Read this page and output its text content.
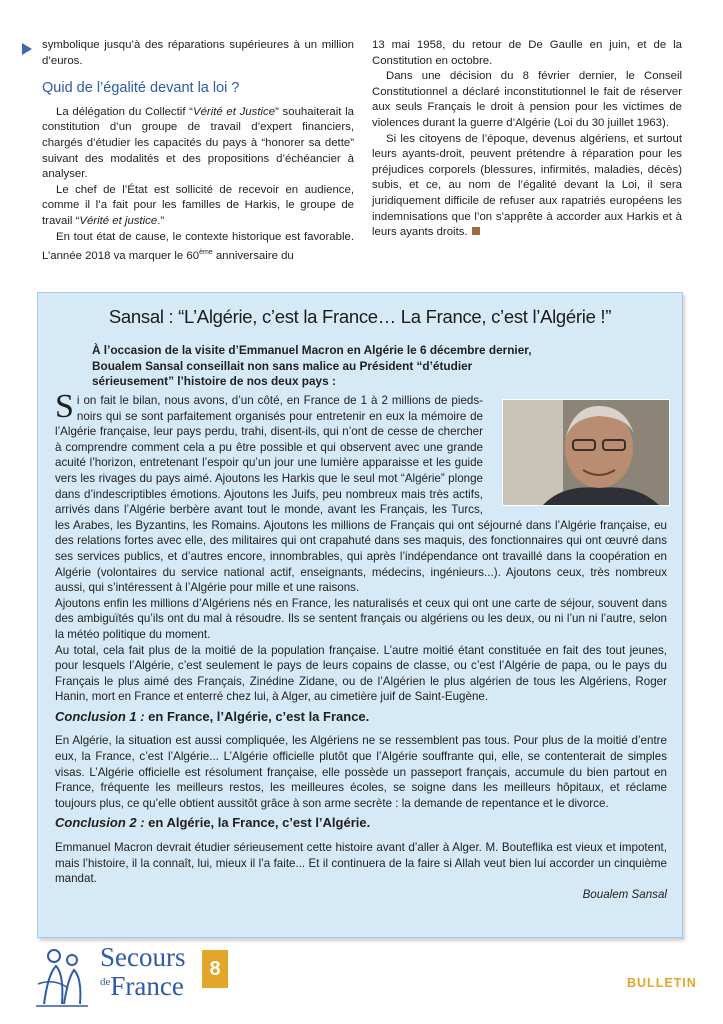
symbolique jusqu’à des réparations supérieures à un million d’euros.

Quid de l’égalité devant la loi ?

La délégation du Collectif “Vérité et Justice” souhaiterait la constitution d’un groupe de travail d’expert financiers, chargés d’étudier les capacités du pays à “honorer sa dette” suivant des modalités et des propositions d’échéancier à analyser.

Le chef de l’État est sollicité de recevoir en audience, comme il l’a fait pour les familles de Harkis, le groupe de travail “Vérité et justice.”

En tout état de cause, le contexte historique est favorable. L’année 2018 va marquer le 60ème anniversaire du

13 mai 1958, du retour de De Gaulle en juin, et de la Constitution en octobre.

Dans une décision du 8 février dernier, le Conseil Constitutionnel a déclaré inconstitutionnel le fait de réserver aux seuls Français le droit à pension pour les victimes de violences durant la guerre d’Algérie (Loi du 30 juillet 1963).

Si les citoyens de l’époque, devenus algériens, et surtout leurs ayants-droit, peuvent prétendre à réparation pour les préjudices corporels (blessures, infirmités, maladies, décès) subis, et ce, au nom de l’égalité devant la Loi, il sera juridiquement difficile de refuser aux rapatriés européens les indemnisations que l’on s’apprête à accorder aux Harkis et à leurs ayants droits.

Sansal : “L’Algérie, c’est la France… La France, c’est l’Algérie !”
À l’occasion de la visite d’Emmanuel Macron en Algérie le 6 décembre dernier, Boualem Sansal conseillait non sans malice au Président “d’étudier sérieusement” l’histoire de nos deux pays :

Si on fait le bilan, nous avons, d’un côté, en France de 1 à 2 millions de pieds-noirs qui se sont parfaitement organisés pour entretenir en eux la mémoire de l’Algérie française, leur pays perdu, trahi, disent-ils, qui n’ont de cesse de chercher à comprendre comment cela a pu être possible et qui observent avec une grande acuité l’horizon, entretenant l’espoir qu’un jour une lumière apparaisse et les guide vers les rivages du pays aimé. Ajoutons les Harkis que le seul mot “Algérie” plonge dans d’indescriptibles émotions. Ajoutons les Juifs, peu nombreux mais très actifs, arrivés dans l’Algérie berbère avant tout le monde, avant les Français, les Turcs, les Arabes, les Byzantins, les Romains. Ajoutons les millions de Français qui ont séjourné dans l’Algérie française, eu des relations fortes avec elle, des militaires qui ont crapahuté dans ses maquis, des fonctionnaires qui ont œuvré dans ses services publics, et d’autres encore, innombrables, qui après l’indépendance ont travaillé dans la coopération en Algérie (volontaires du service national actif, enseignants, médecins, ingénieurs...). Ajoutons ceux, très nombreux aussi, qui s’intéressent à l’Algérie pour mille et une raisons.

Ajoutons enfin les millions d’Algériens nés en France, les naturalisés et ceux qui ont une carte de séjour, souvent dans des ambiguïtés qu’ils ont du mal à résoudre. Ils se sentent français ou algériens ou les deux, ou ni l’un ni l’autre, selon la météo politique du moment.

Au total, cela fait plus de la moitié de la population française. L’autre moitié étant constituée en fait des tout jeunes, pour lesquels l’Algérie, c’est seulement le pays de leurs copains de classe, ou c’est l’Algérie de papa, ou le pays du Français le plus aimé des Français, Zinédine Zidane, ou de l’Algérien le plus algérien de tous les Algériens, Roger Hanin, mort en France et enterré chez lui, à Alger, au cimetière juif de Saint-Eugène.

Conclusion 1 : en France, l’Algérie, c’est la France.

En Algérie, la situation est aussi compliquée, les Algériens ne se ressemblent pas tous. Pour plus de la moitié d’entre eux, la France, c’est l’Algérie... L’Algérie officielle plutôt que l’Algérie souffrante qui, elle, se contenterait de simples visas. L’Algérie officielle est résolument française, elle possède un passeport français, accumule du bien partout en France, fréquente les meilleurs restos, les meilleures écoles, se soigne dans les meilleurs hôpitaux, et réclame toujours plus, ce qu’elle obtient aussitôt grâce à son arme secrète : la demande de repentance et le divorce.

Conclusion 2 : en Algérie, la France, c’est l’Algérie.

Emmanuel Macron devrait étudier sérieusement cette histoire avant d’aller à Alger. M. Bouteflika est vieux et impotent, mais l’histoire, il la connaît, lui, mieux il l’a faite... Et il continuera de la faire si Allah veut bien lui accorder un cinquième mandat.

Boualem Sansal

Secours
$^{de}$France
8
BULLETIN
